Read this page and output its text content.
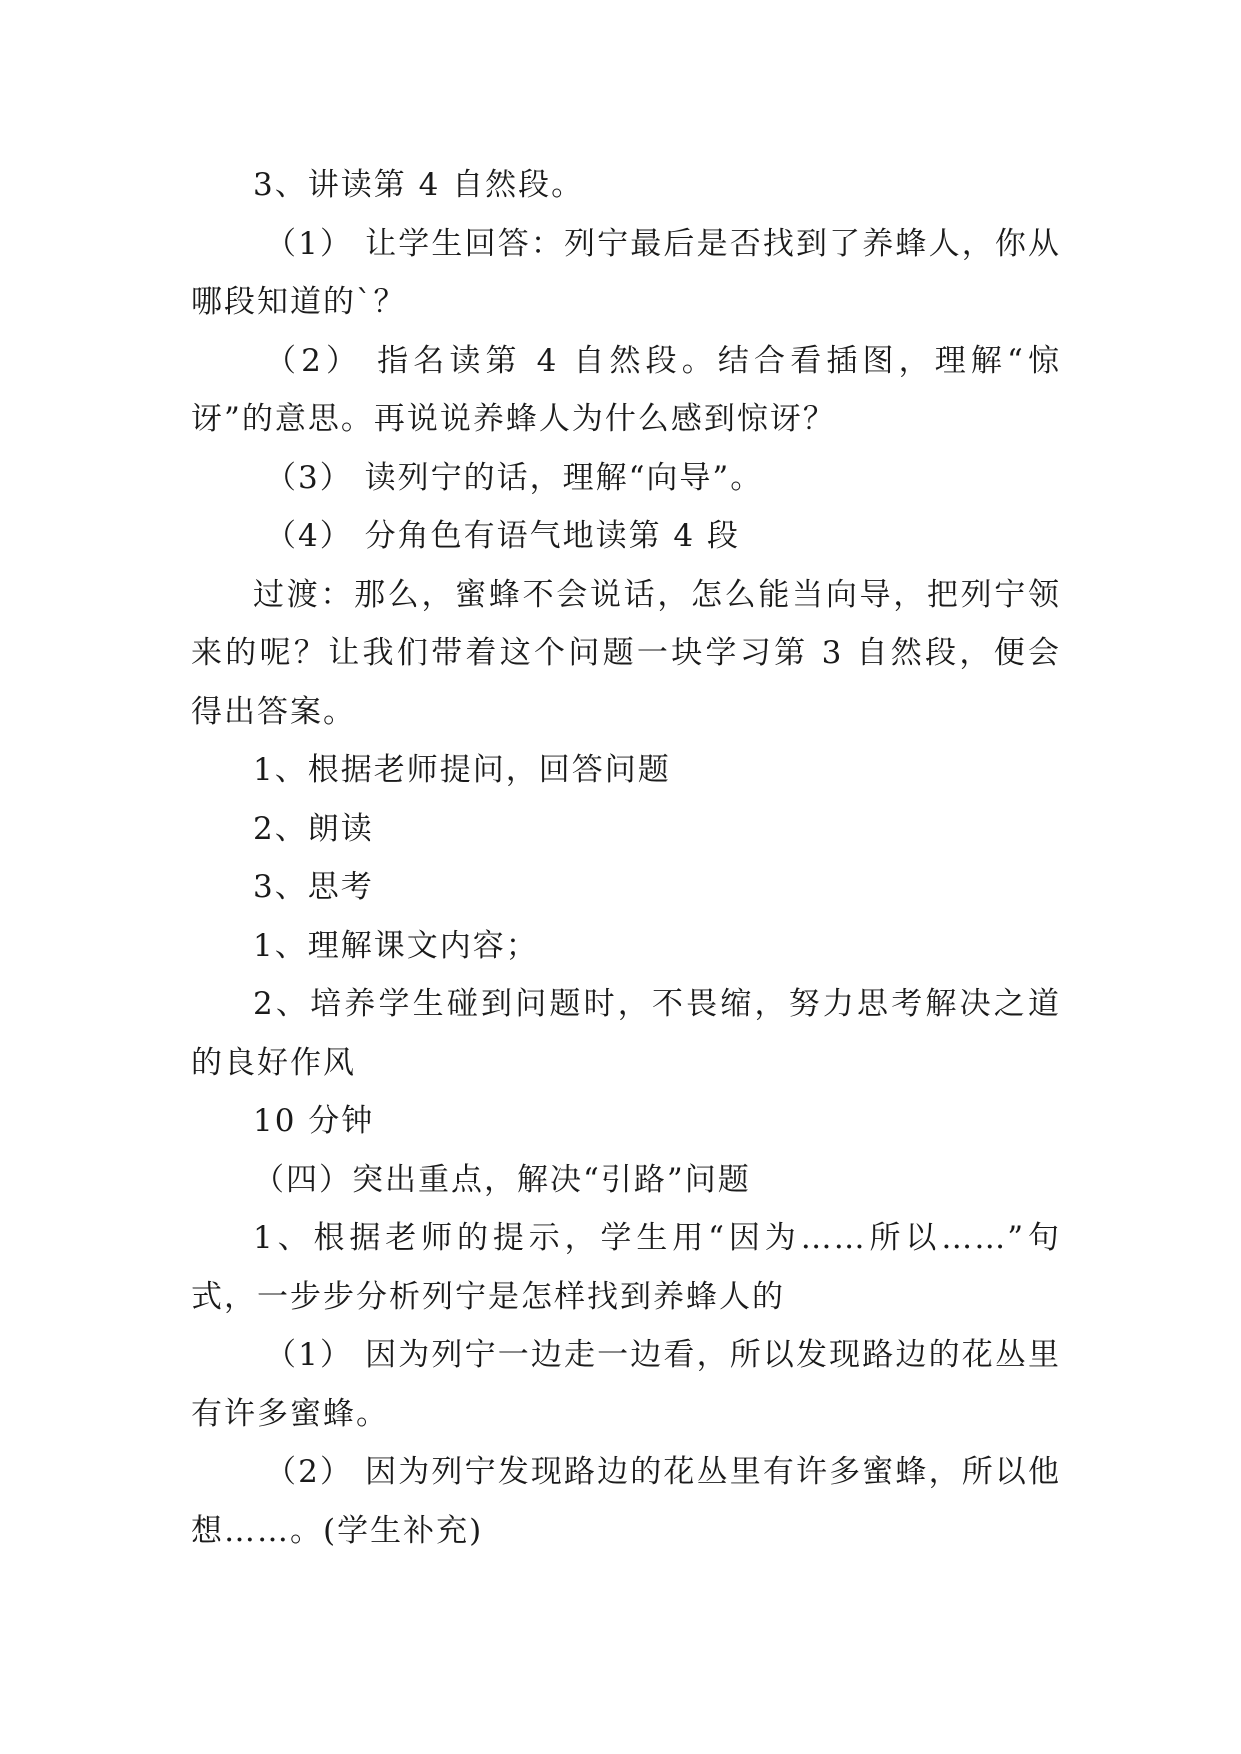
3、讲读第 4 自然段。

（1） 让学生回答：列宁最后是否找到了养蜂人，你从哪段知道的`？

（2） 指名读第 4 自然段。结合看插图，理解“惊讶”的意思。再说说养蜂人为什么感到惊讶？

（3） 读列宁的话，理解“向导”。

（4） 分角色有语气地读第 4 段

过渡：那么，蜜蜂不会说话，怎么能当向导，把列宁领来的呢？让我们带着这个问题一块学习第 3 自然段，便会得出答案。

1、根据老师提问，回答问题

2、朗读

3、思考

1、理解课文内容；

2、培养学生碰到问题时，不畏缩，努力思考解决之道的良好作风

10 分钟

（四）突出重点，解决“引路”问题

1、根据老师的提示，学生用“因为……所以……”句式，一步步分析列宁是怎样找到养蜂人的

（1） 因为列宁一边走一边看，所以发现路边的花丛里有许多蜜蜂。

（2） 因为列宁发现路边的花丛里有许多蜜蜂，所以他想……。(学生补充)
